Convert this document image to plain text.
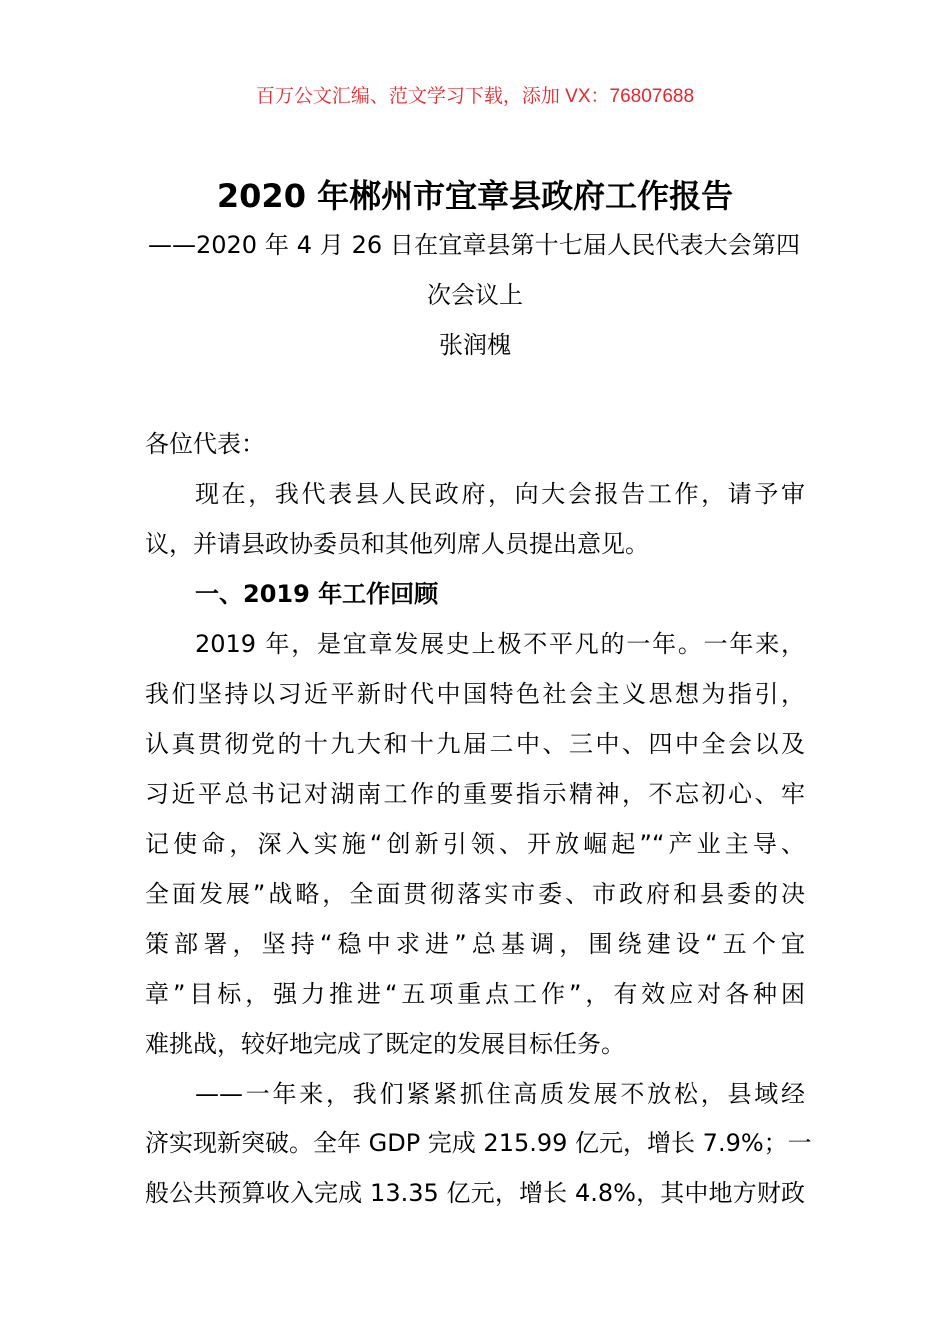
百万公文汇编、范文学习下载，添加 VX：76807688
2020 年郴州市宜章县政府工作报告
——2020 年 4 月 26 日在宜章县第十七届人民代表大会第四
次会议上
张润槐
各位代表：
现在，我代表县人民政府，向大会报告工作，请予审
议，并请县政协委员和其他列席人员提出意见。
一、2019 年工作回顾
2019 年，是宜章发展史上极不平凡的一年。一年来，
我们坚持以习近平新时代中国特色社会主义思想为指引，
认真贯彻党的十九大和十九届二中、三中、四中全会以及
习近平总书记对湖南工作的重要指示精神，不忘初心、牢
记使命，深入实施“创新引领、开放崛起”“产业主导、
全面发展”战略，全面贯彻落实市委、市政府和县委的决
策部署，坚持“稳中求进”总基调，围绕建设“五个宜
章”目标，强力推进“五项重点工作”，有效应对各种困
难挑战，较好地完成了既定的发展目标任务。
——一年来，我们紧紧抓住高质发展不放松，县域经
济实现新突破。全年 GDP 完成 215.99 亿元，增长 7.9%；一
般公共预算收入完成 13.35 亿元，增长 4.8%，其中地方财政
